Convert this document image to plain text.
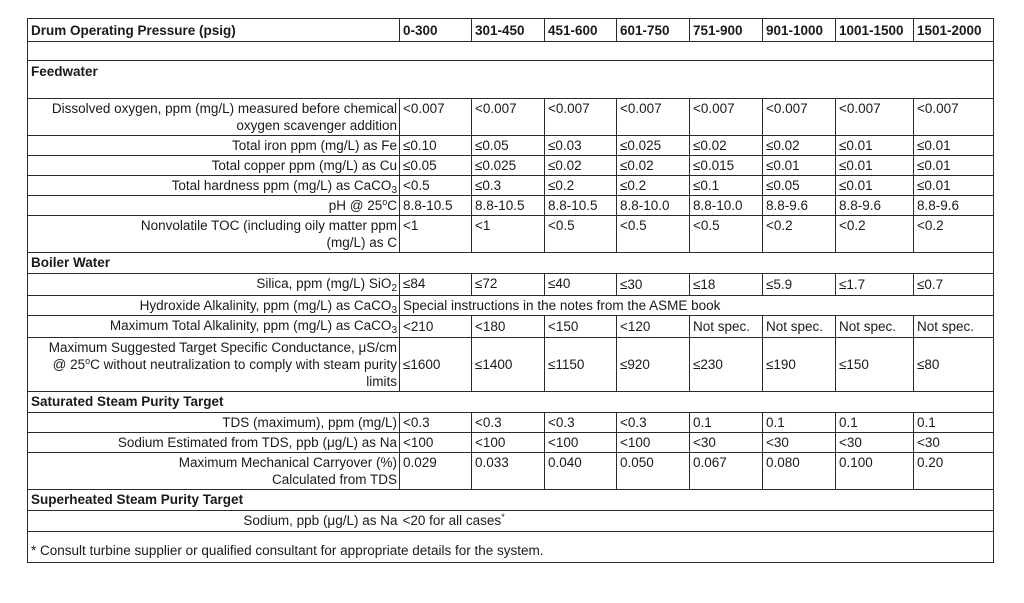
Drum Operating Pressure (psig)	0-300	301-450	451-600	601-750	751-900	901-1000	1001-1500	1501-2000

Feedwater								
Dissolved oxygen, ppm (mg/L) measured before chemical oxygen scavenger addition	<0.007	<0.007	<0.007	<0.007	<0.007	<0.007	<0.007	<0.007
Total iron ppm (mg/L) as Fe	≤0.10	≤0.05	≤0.03	≤0.025	≤0.02	≤0.02	≤0.01	≤0.01
Total copper ppm (mg/L) as Cu	≤0.05	≤0.025	≤0.02	≤0.02	≤0.015	≤0.01	≤0.01	≤0.01
Total hardness ppm (mg/L) as CaCO$_3$	<0.5	≤0.3	≤0.2	≤0.2	≤0.1	≤0.05	≤0.01	≤0.01
pH @ 25$^o$C	8.8-10.5	8.8-10.5	8.8-10.5	8.8-10.0	8.8-10.0	8.8-9.6	8.8-9.6	8.8-9.6
Nonvolatile TOC (including oily matter ppm (mg/L) as C	<1	<1	<0.5	<0.5	<0.5	<0.2	<0.2	<0.2
Boiler Water								
Silica, ppm (mg/L) SiO$_2$	≤84	≤72	≤40	≤30	≤18	≤5.9	≤1.7	≤0.7
Hydroxide Alkalinity, ppm (mg/L) as CaCO$_3$	Special instructions in the notes from the ASME book							
Maximum Total Alkalinity, ppm (mg/L) as CaCO$_3$	<210	<180	<150	<120	Not spec.	Not spec.	Not spec.	Not spec.
Maximum Suggested Target Specific Conductance, μS/cm @ 25$^o$C without neutralization to comply with steam purity limits	≤1600	≤1400	≤1150	≤920	≤230	≤190	≤150	≤80
Saturated Steam Purity Target								
TDS (maximum), ppm (mg/L)	<0.3	<0.3	<0.3	<0.3	0.1	0.1	0.1	0.1
Sodium Estimated from TDS, ppb (μg/L) as Na	<100	<100	<100	<100	<30	<30	<30	<30
Maximum Mechanical Carryover (%) Calculated from TDS	0.029	0.033	0.040	0.050	0.067	0.080	0.100	0.20
Superheated Steam Purity Target								
Sodium, ppb (μg/L) as Na	<20 for all cases*
* Consult turbine supplier or qualified consultant for appropriate details for the system.								
